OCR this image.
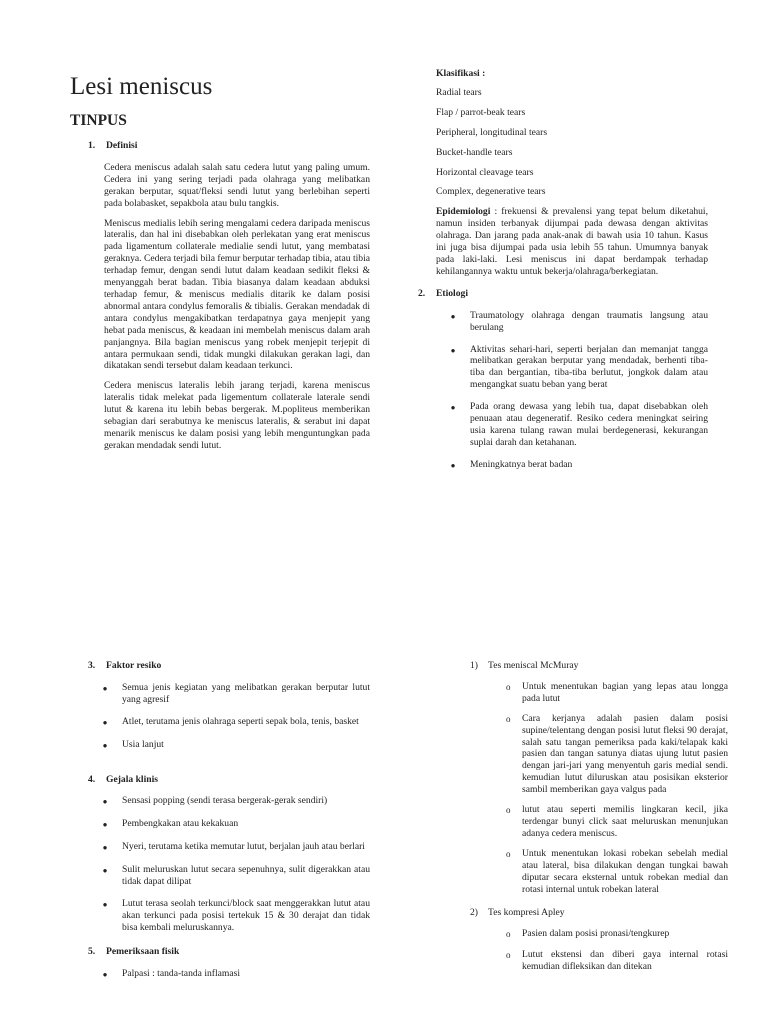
Lesi meniscus
TINPUS
1.	Definisi

Cedera meniscus adalah salah satu cedera lutut yang paling umum. Cedera ini yang sering terjadi pada olahraga yang melibatkan gerakan berputar, squat/fleksi sendi lutut yang berlebihan seperti pada bolabasket, sepakbola atau bulu tangkis.

Meniscus medialis lebih sering mengalami cedera daripada meniscus lateralis, dan hal ini disebabkan oleh perlekatan yang erat meniscus pada ligamentum collaterale medialie sendi lutut, yang membatasi geraknya. Cedera terjadi bila femur berputar terhadap tibia, atau tibia terhadap femur, dengan sendi lutut dalam keadaan sedikit fleksi & menyanggah berat badan. Tibia biasanya dalam keadaan abduksi terhadap femur, & meniscus medialis ditarik ke dalam posisi abnormal antara condylus femoralis & tibialis. Gerakan mendadak di antara condylus mengakibatkan terdapatnya gaya menjepit yang hebat pada meniscus, & keadaan ini membelah meniscus dalam arah panjangnya. Bila bagian meniscus yang robek menjepit terjepit di antara permukaan sendi, tidak mungki dilakukan gerakan lagi, dan dikatakan sendi tersebut dalam keadaan terkunci.

Cedera meniscus lateralis lebih jarang terjadi, karena meniscus lateralis tidak melekat pada ligementum collaterale laterale sendi lutut & karena itu lebih bebas bergerak. M.popliteus memberikan sebagian dari serabutnya ke meniscus lateralis, & serabut ini dapat menarik meniscus ke dalam posisi yang lebih menguntungkan pada gerakan mendadak sendi lutut.

Klasifikasi :
Radial tears
Flap / parrot-beak tears
Peripheral, longitudinal tears
Bucket-handle tears
Horizontal cleavage tears
Complex, degenerative tears

Epidemiologi : frekuensi & prevalensi yang tepat belum diketahui, namun insiden terbanyak dijumpai pada dewasa dengan aktivitas olahraga. Dan jarang pada anak-anak di bawah usia 10 tahun. Kasus ini juga bisa dijumpai pada usia lebih 55 tahun. Umumnya banyak pada laki-laki. Lesi meniscus ini dapat berdampak terhadap kehilangannya waktu untuk bekerja/olahraga/berkegiatan.

2.	Etiologi
●	Traumatology olahraga dengan traumatis langsung atau berulang
●	Aktivitas sehari-hari, seperti berjalan dan memanjat tangga melibatkan gerakan berputar yang mendadak, berhenti tiba-tiba dan bergantian, tiba-tiba berlutut, jongkok dalam atau mengangkat suatu beban yang berat
●	Pada orang dewasa yang lebih tua, dapat disebabkan oleh penuaan atau degeneratif. Resiko cedera meningkat seiring usia karena tulang rawan mulai berdegenerasi, kekurangan suplai darah dan ketahanan.
●	Meningkatnya berat badan
3.	Faktor resiko
●	Semua jenis kegiatan yang melibatkan gerakan berputar lutut yang agresif
●	Atlet, terutama jenis olahraga seperti sepak bola, tenis, basket
●	Usia lanjut
4.	Gejala klinis
●	Sensasi popping (sendi terasa bergerak-gerak sendiri)
●	Pembengkakan atau kekakuan
●	Nyeri, terutama ketika memutar lutut, berjalan jauh atau berlari
●	Sulit meluruskan lutut secara sepenuhnya, sulit digerakkan atau tidak dapat dilipat
●	Lutut terasa seolah terkunci/block saat menggerakkan lutut atau akan terkunci pada posisi tertekuk 15 & 30 derajat dan tidak bisa kembali meluruskannya.
5.	Pemeriksaan fisik
●	Palpasi : tanda-tanda inflamasi
1)	Tes meniscal McMuray
o	Untuk menentukan bagian yang lepas atau longga pada lutut
o	Cara kerjanya adalah pasien dalam posisi supine/telentang dengan posisi lutut fleksi 90 derajat, salah satu tangan pemeriksa pada kaki/telapak kaki pasien dan tangan satunya diatas ujung lutut pasien dengan jari-jari yang menyentuh garis medial sendi. kemudian lutut diluruskan atau posisikan eksterior sambil memberikan gaya valgus pada
o	lutut atau seperti memilis lingkaran kecil, jika terdengar bunyi click saat meluruskan menunjukan adanya cedera meniscus.
o	Untuk menentukan lokasi robekan sebelah medial atau lateral, bisa dilakukan dengan tungkai bawah diputar secara eksternal untuk robekan medial dan rotasi internal untuk robekan lateral
2)	Tes kompresi Apley
o	Pasien dalam posisi pronasi/tengkurep
o	Lutut ekstensi dan diberi gaya internal rotasi kemudian difleksikan dan ditekan
